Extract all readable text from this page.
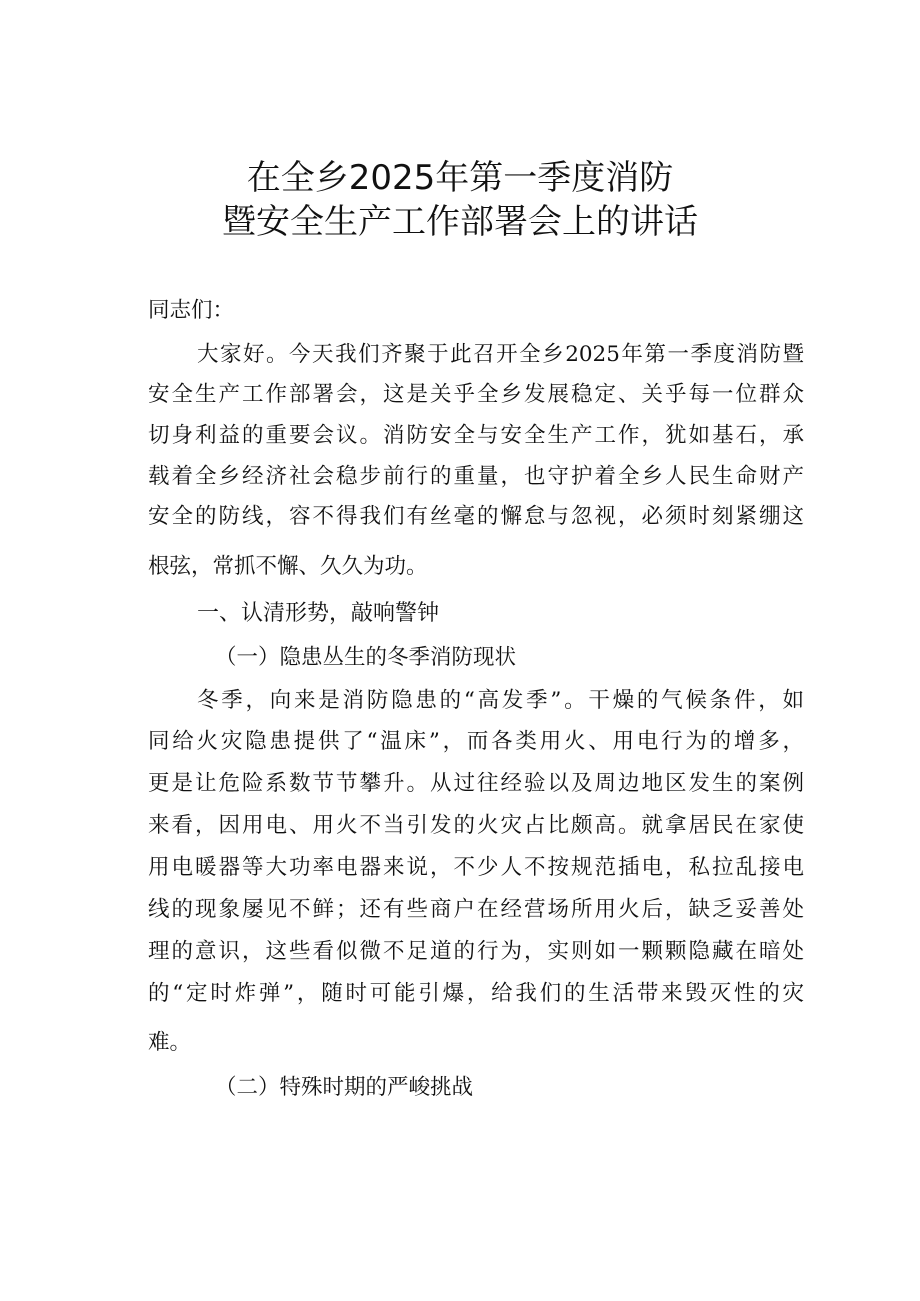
在全乡2025年第一季度消防
暨安全生产工作部署会上的讲话
同志们：
大家好。今天我们齐聚于此召开全乡2025年第一季度消防暨
安全生产工作部署会，这是关乎全乡发展稳定、关乎每一位群众
切身利益的重要会议。消防安全与安全生产工作，犹如基石，承
载着全乡经济社会稳步前行的重量，也守护着全乡人民生命财产
安全的防线，容不得我们有丝毫的懈怠与忽视，必须时刻紧绷这
根弦，常抓不懈、久久为功。
一、认清形势，敲响警钟
（一）隐患丛生的冬季消防现状
冬季，向来是消防隐患的“高发季”。干燥的气候条件，如
同给火灾隐患提供了“温床”，而各类用火、用电行为的增多，
更是让危险系数节节攀升。从过往经验以及周边地区发生的案例
来看，因用电、用火不当引发的火灾占比颇高。就拿居民在家使
用电暖器等大功率电器来说，不少人不按规范插电，私拉乱接电
线的现象屡见不鲜；还有些商户在经营场所用火后，缺乏妥善处
理的意识，这些看似微不足道的行为，实则如一颗颗隐藏在暗处
的“定时炸弹”，随时可能引爆，给我们的生活带来毁灭性的灾
难。
（二）特殊时期的严峻挑战
